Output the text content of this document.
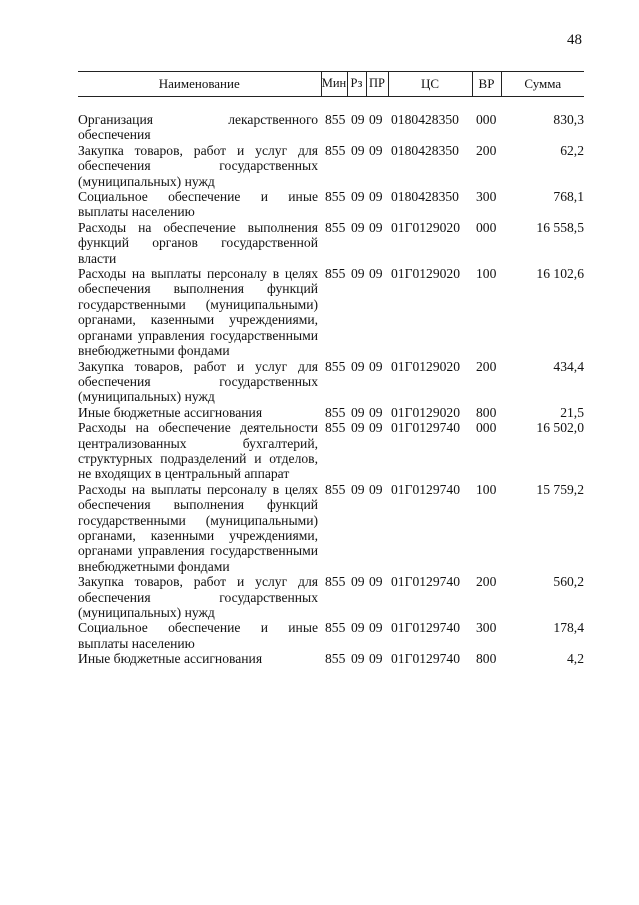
48
Наименование	Мин	Рз	ПР	ЦС	ВР	Сумма

Организация лекарственного обеспечения	855	09	09	0180428350	000	830,3
Закупка товаров, работ и услуг для обеспечения государственных (муниципальных) нужд	855	09	09	0180428350	200	62,2
Социальное обеспечение и иные выплаты населению	855	09	09	0180428350	300	768,1
Расходы на обеспечение выполнения функций органов государственной власти	855	09	09	01Г0129020	000	16 558,5
Расходы на выплаты персоналу в целях обеспечения выполнения функций государственными (муниципальными) органами, казенными учреждениями, органами управления государственными внебюджетными фондами	855	09	09	01Г0129020	100	16 102,6
Закупка товаров, работ и услуг для обеспечения государственных (муниципальных) нужд	855	09	09	01Г0129020	200	434,4
Иные бюджетные ассигнования	855	09	09	01Г0129020	800	21,5
Расходы на обеспечение деятельности централизованных бухгалтерий, структурных подразделений и отделов, не входящих в центральный аппарат	855	09	09	01Г0129740	000	16 502,0
Расходы на выплаты персоналу в целях обеспечения выполнения функций государственными (муниципальными) органами, казенными учреждениями, органами управления государственными внебюджетными фондами	855	09	09	01Г0129740	100	15 759,2
Закупка товаров, работ и услуг для обеспечения государственных (муниципальных) нужд	855	09	09	01Г0129740	200	560,2
Социальное обеспечение и иные выплаты населению	855	09	09	01Г0129740	300	178,4
Иные бюджетные ассигнования	855	09	09	01Г0129740	800	4,2
